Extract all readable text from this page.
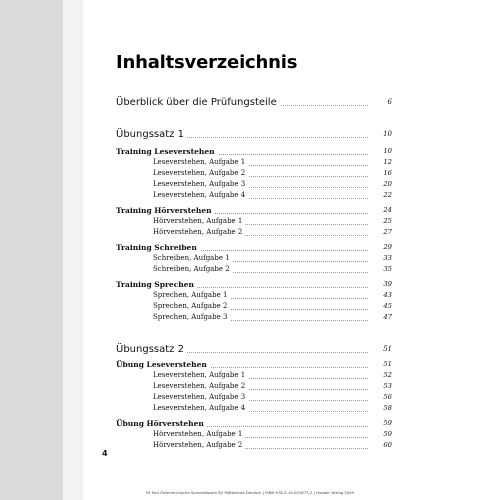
Inhaltsverzeichnis
Überblick über die Prüfungsteile	6
Übungssatz 1	10
Training Leseverstehen	10
Leseverstehen, Aufgabe 1	12
Leseverstehen, Aufgabe 2	16
Leseverstehen, Aufgabe 3	20
Leseverstehen, Aufgabe 4	22
Training Hörverstehen	24
Hörverstehen, Aufgabe 1	25
Hörverstehen, Aufgabe 2	27
Training Schreiben	29
Schreiben, Aufgabe 1	33
Schreiben, Aufgabe 2	35
Training Sprechen	39
Sprechen, Aufgabe 1	43
Sprechen, Aufgabe 2	45
Sprechen, Aufgabe 3	47
Übungssatz 2	51
Übung Leseverstehen	51
Leseverstehen, Aufgabe 1	52
Leseverstehen, Aufgabe 2	53
Leseverstehen, Aufgabe 3	56
Leseverstehen, Aufgabe 4	58
Übung Hörverstehen	59
Hörverstehen, Aufgabe 1	59
Hörverstehen, Aufgabe 2	60
4
Fit fürs Österreichische Sprachdiplom B2 Mittelstufe Deutsch | ISBN 978-3-19-001677-2 | Hueber Verlag 2009
